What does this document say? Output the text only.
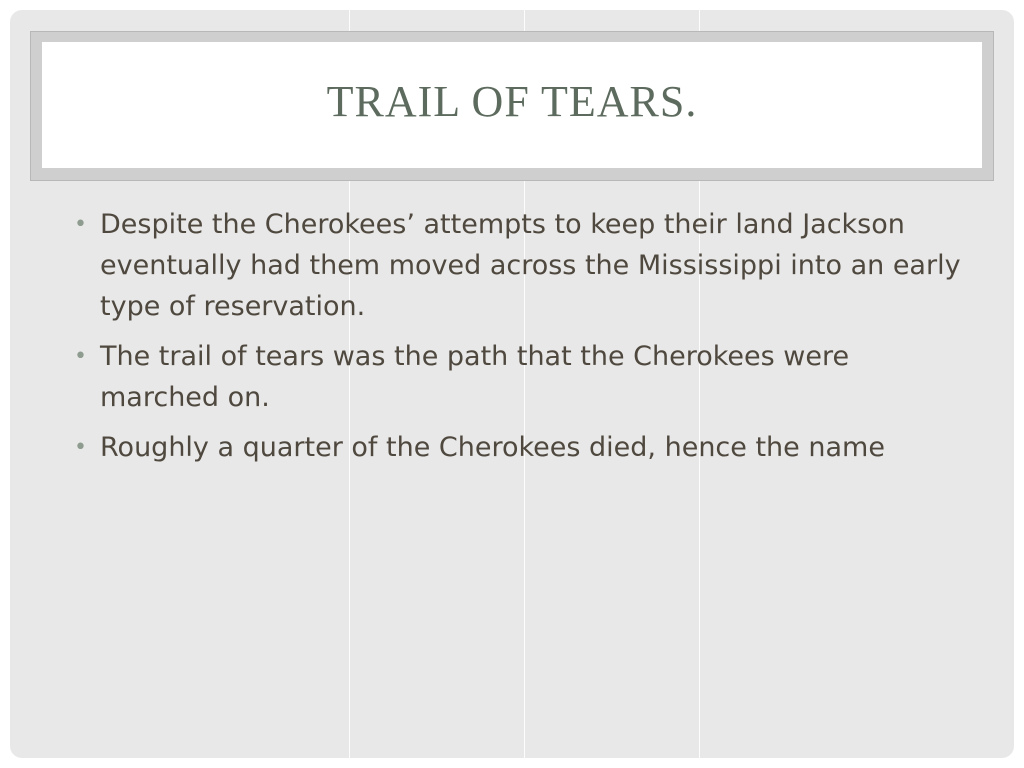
TRAIL OF TEARS.
• Despite the Cherokees’ attempts to keep their land Jackson eventually had them moved across the Mississippi into an early type of reservation.
• The trail of tears was the path that the Cherokees were marched on.
• Roughly a quarter of the Cherokees died, hence the name
